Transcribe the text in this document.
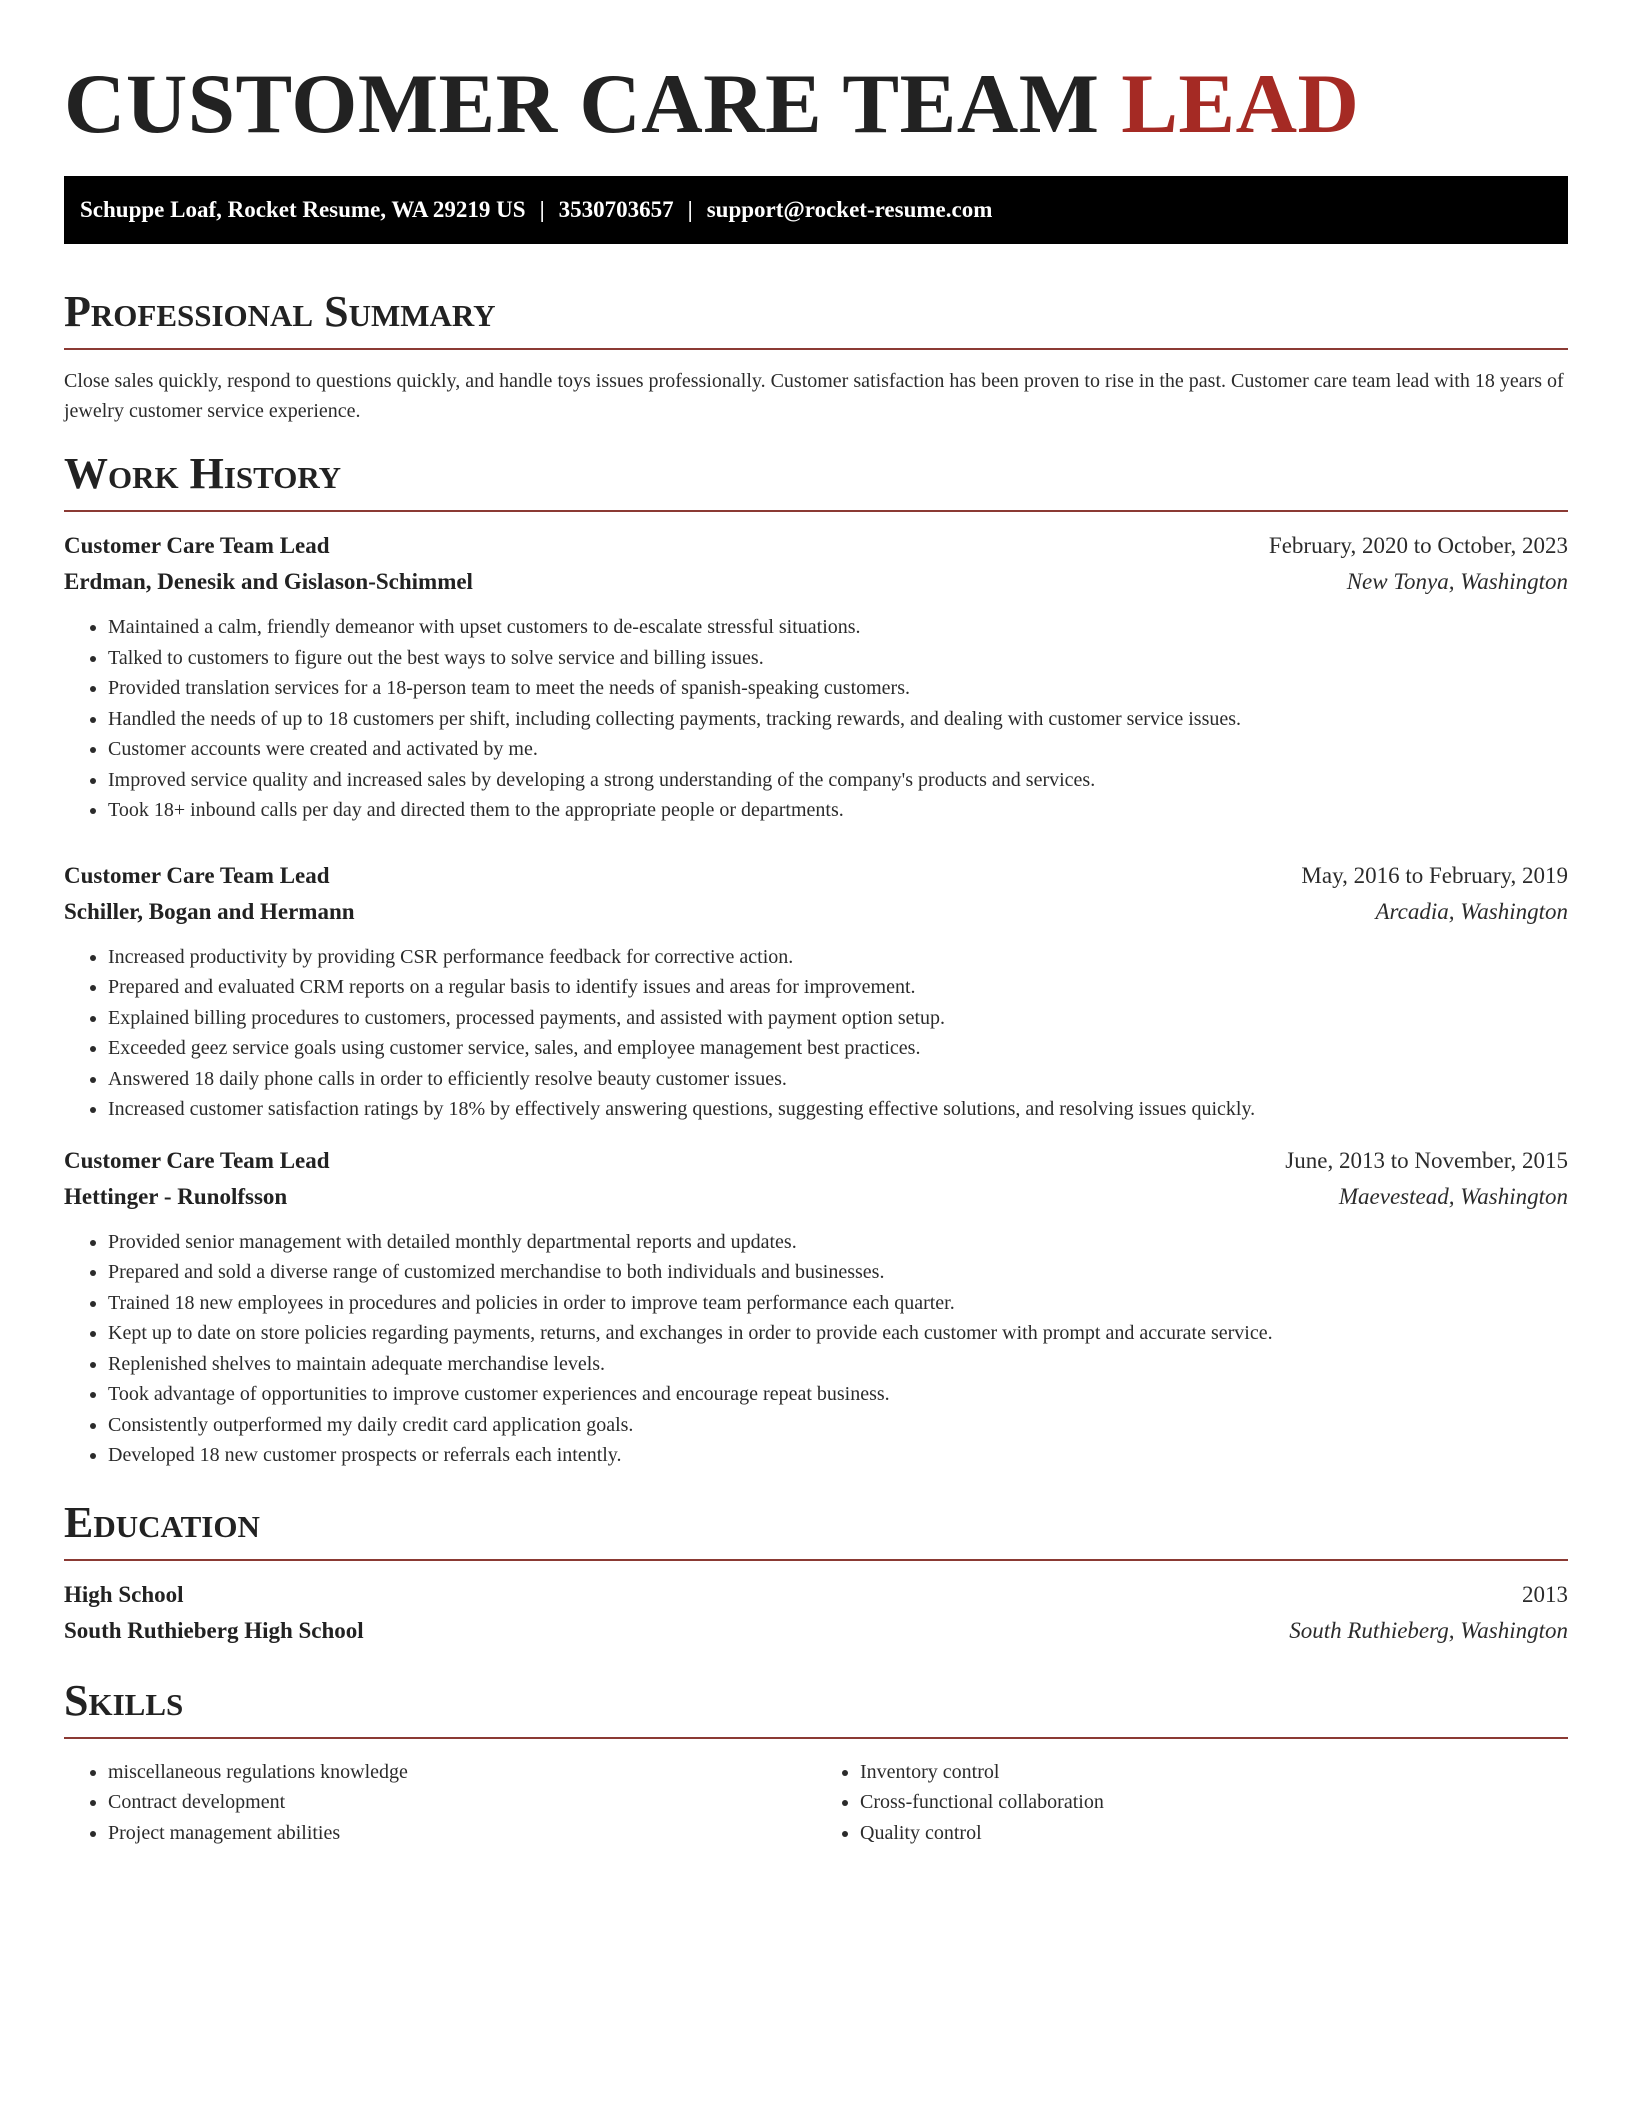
CUSTOMER CARE TEAM LEAD
Schuppe Loaf, Rocket Resume, WA 29219 US | 3530703657 | support@rocket-resume.com
Professional Summary

Close sales quickly, respond to questions quickly, and handle toys issues professionally. Customer satisfaction has been proven to rise in the past. Customer care team lead with 18 years of jewelry customer service experience.

Work History
Customer Care Team Lead	February, 2020 to October, 2023
Erdman, Denesik and Gislason-Schimmel	New Tonya, Washington
• Maintained a calm, friendly demeanor with upset customers to de-escalate stressful situations.
• Talked to customers to figure out the best ways to solve service and billing issues.
• Provided translation services for a 18-person team to meet the needs of spanish-speaking customers.
• Handled the needs of up to 18 customers per shift, including collecting payments, tracking rewards, and dealing with customer service issues.
• Customer accounts were created and activated by me.
• Improved service quality and increased sales by developing a strong understanding of the company's products and services.
• Took 18+ inbound calls per day and directed them to the appropriate people or departments.
Customer Care Team Lead	May, 2016 to February, 2019
Schiller, Bogan and Hermann	Arcadia, Washington
• Increased productivity by providing CSR performance feedback for corrective action.
• Prepared and evaluated CRM reports on a regular basis to identify issues and areas for improvement.
• Explained billing procedures to customers, processed payments, and assisted with payment option setup.
• Exceeded geez service goals using customer service, sales, and employee management best practices.
• Answered 18 daily phone calls in order to efficiently resolve beauty customer issues.
• Increased customer satisfaction ratings by 18% by effectively answering questions, suggesting effective solutions, and resolving issues quickly.
Customer Care Team Lead	June, 2013 to November, 2015
Hettinger - Runolfsson	Maevestead, Washington
• Provided senior management with detailed monthly departmental reports and updates.
• Prepared and sold a diverse range of customized merchandise to both individuals and businesses.
• Trained 18 new employees in procedures and policies in order to improve team performance each quarter.
• Kept up to date on store policies regarding payments, returns, and exchanges in order to provide each customer with prompt and accurate service.
• Replenished shelves to maintain adequate merchandise levels.
• Took advantage of opportunities to improve customer experiences and encourage repeat business.
• Consistently outperformed my daily credit card application goals.
• Developed 18 new customer prospects or referrals each intently.
Education
High School	2013
South Ruthieberg High School	South Ruthieberg, Washington
Skills
• miscellaneous regulations knowledge
• Contract development
• Project management abilities
• Inventory control
• Cross-functional collaboration
• Quality control
